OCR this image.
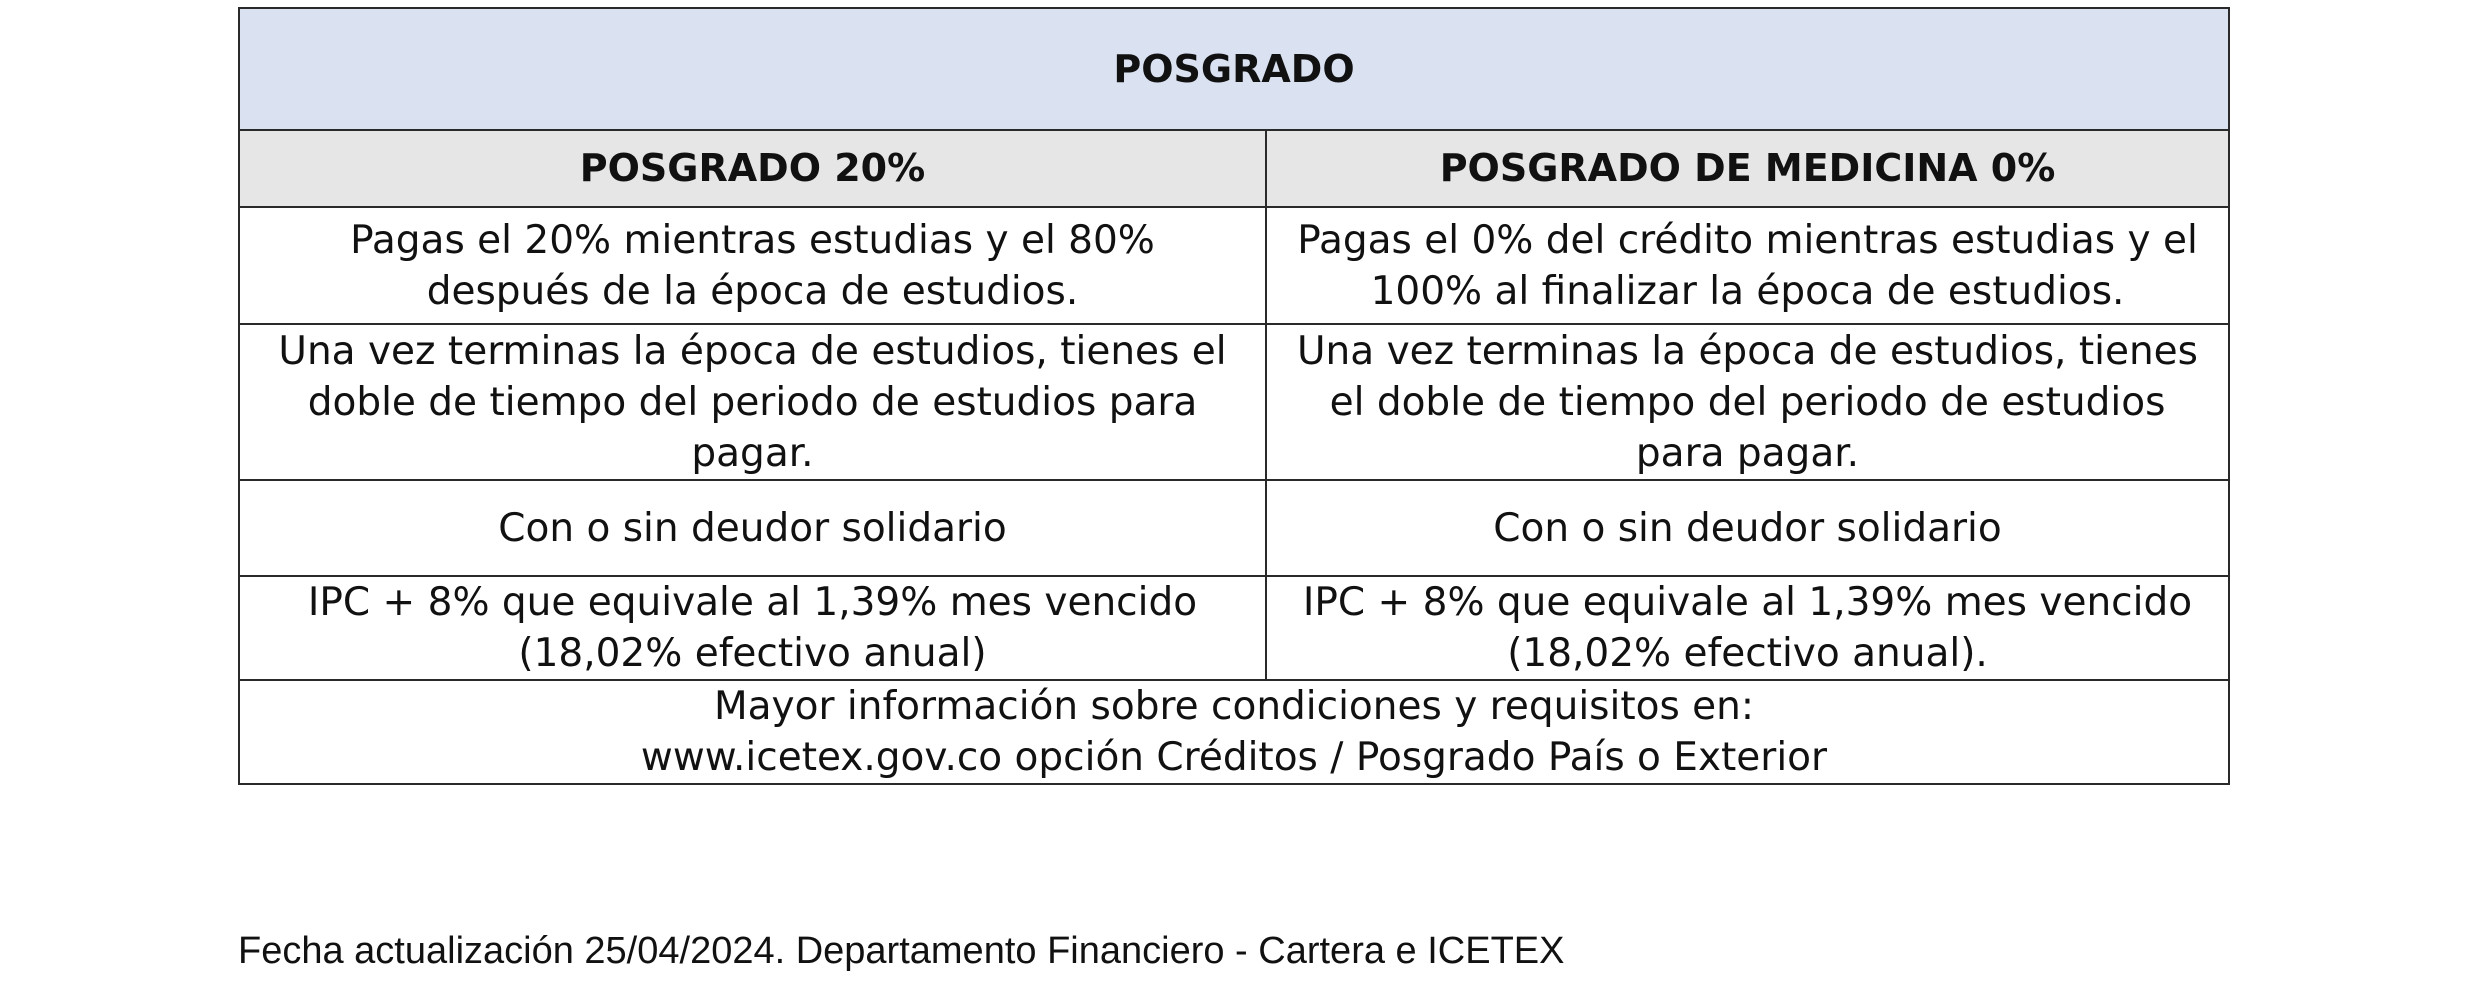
POSGRADO	
POSGRADO 20%	POSGRADO DE MEDICINA 0%
Pagas el 20% mientras estudias y el 80% después de la época de estudios.	Pagas el 0% del crédito mientras estudias y el 100% al finalizar la época de estudios.
Una vez terminas la época de estudios, tienes el doble de tiempo del periodo de estudios para pagar.	Una vez terminas la época de estudios, tienes el doble de tiempo del periodo de estudios para pagar.
Con o sin deudor solidario	Con o sin deudor solidario
IPC + 8% que equivale al 1,39% mes vencido (18,02% efectivo anual)	IPC + 8% que equivale al 1,39% mes vencido (18,02% efectivo anual).

Mayor información sobre condiciones y requisitos en:
www.icetex.gov.co opción Créditos / Posgrado País o Exterior	
Fecha actualización 25/04/2024. Departamento Financiero - Cartera e ICETEX
